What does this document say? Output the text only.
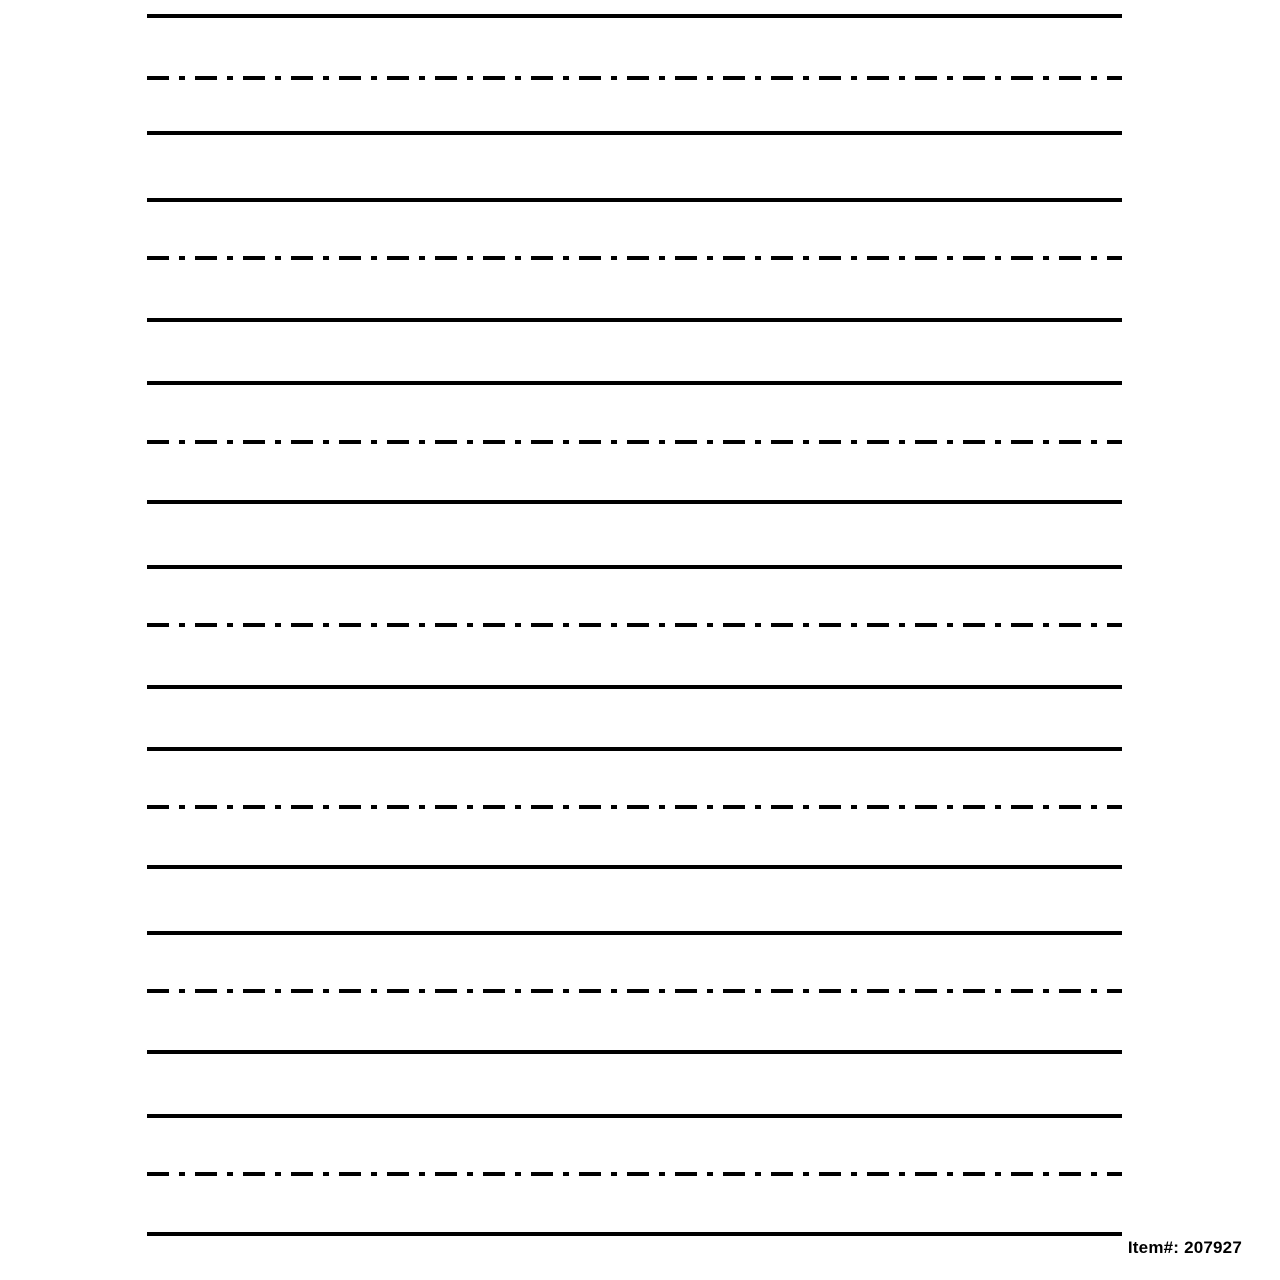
Item#: 207927
